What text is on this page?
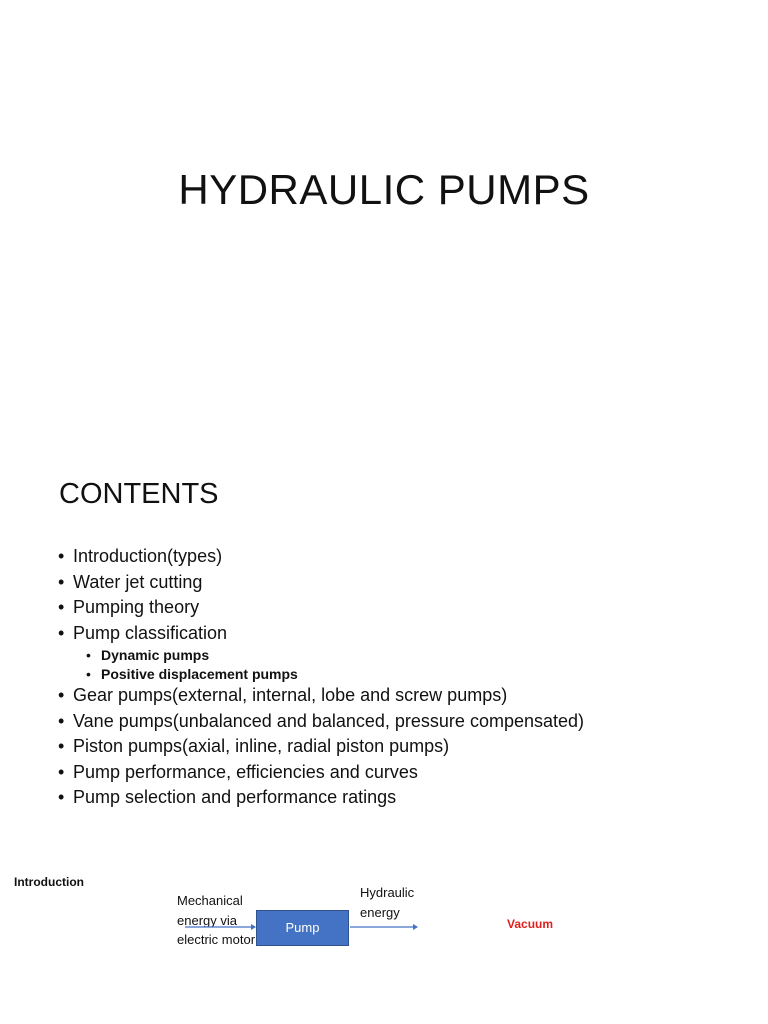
HYDRAULIC PUMPS
CONTENTS
• Introduction(types)
• Water jet cutting
• Pumping theory
• Pump classification
• Dynamic pumps
• Positive displacement pumps
• Gear pumps(external, internal, lobe and screw pumps)
• Vane pumps(unbalanced and balanced, pressure compensated)
• Piston pumps(axial, inline, radial piston pumps)
• Pump performance, efficiencies and curves
• Pump selection and performance ratings
Introduction
Mechanical energy via electric motor
Pump
Hydraulic energy
Vacuum
